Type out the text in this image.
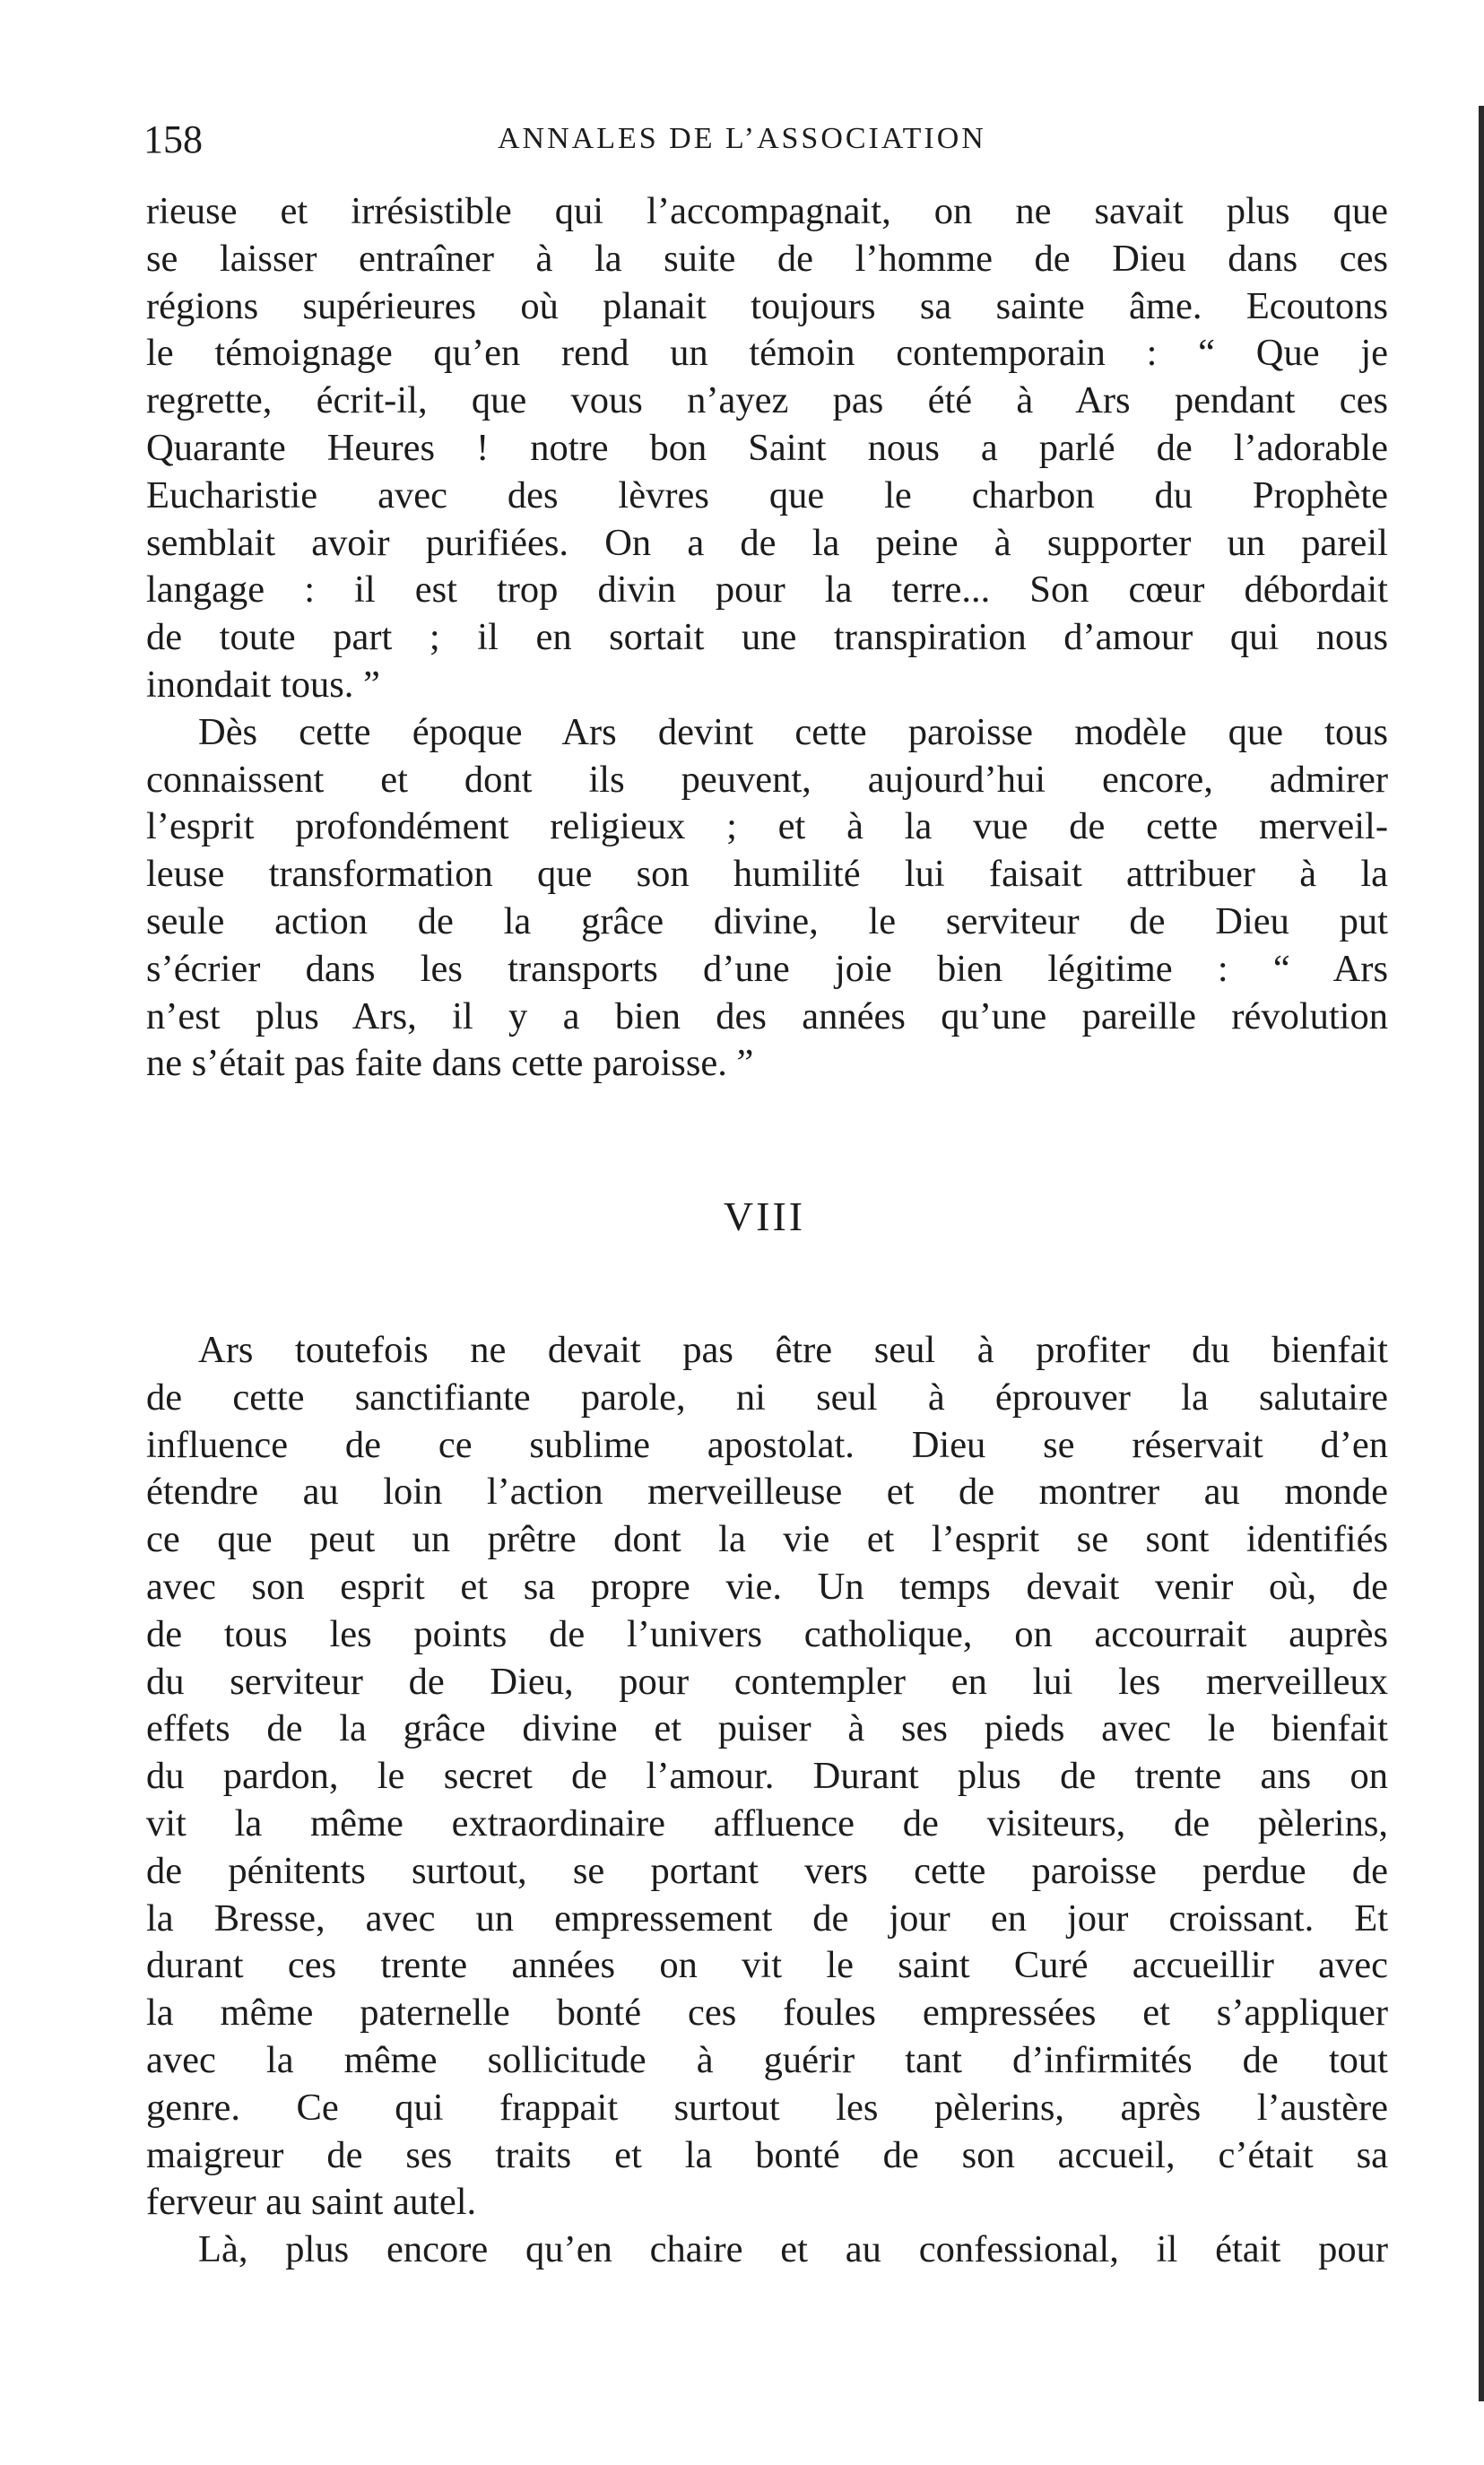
158	ANNALES DE L’ASSOCIATION
rieuse et irrésistible qui l’accompagnait, on ne savait plus que
se laisser entraîner à la suite de l’homme de Dieu dans ces
régions supérieures où planait toujours sa sainte âme. Ecoutons
le témoignage qu’en rend un témoin contemporain : “ Que je
regrette, écrit-il, que vous n’ayez pas été à Ars pendant ces
Quarante Heures ! notre bon Saint nous a parlé de l’adorable
Eucharistie avec des lèvres que le charbon du Prophète
semblait avoir purifiées. On a de la peine à supporter un pareil
langage : il est trop divin pour la terre... Son cœur débordait
de toute part ; il en sortait une transpiration d’amour qui nous
inondait tous. ”
Dès cette époque Ars devint cette paroisse modèle que tous
connaissent et dont ils peuvent, aujourd’hui encore, admirer
l’esprit profondément religieux ; et à la vue de cette merveil-
leuse transformation que son humilité lui faisait attribuer à la
seule action de la grâce divine, le serviteur de Dieu put
s’écrier dans les transports d’une joie bien légitime : “ Ars
n’est plus Ars, il y a bien des années qu’une pareille révolution
ne s’était pas faite dans cette paroisse. ”
VIII
Ars toutefois ne devait pas être seul à profiter du bienfait
de cette sanctifiante parole, ni seul à éprouver la salutaire
influence de ce sublime apostolat. Dieu se réservait d’en
étendre au loin l’action merveilleuse et de montrer au monde
ce que peut un prêtre dont la vie et l’esprit se sont identifiés
avec son esprit et sa propre vie. Un temps devait venir où, de
de tous les points de l’univers catholique, on accourrait auprès
du serviteur de Dieu, pour contempler en lui les merveilleux
effets de la grâce divine et puiser à ses pieds avec le bienfait
du pardon, le secret de l’amour. Durant plus de trente ans on
vit la même extraordinaire affluence de visiteurs, de pèlerins,
de pénitents surtout, se portant vers cette paroisse perdue de
la Bresse, avec un empressement de jour en jour croissant. Et
durant ces trente années on vit le saint Curé accueillir avec
la même paternelle bonté ces foules empressées et s’appliquer
avec la même sollicitude à guérir tant d’infirmités de tout
genre. Ce qui frappait surtout les pèlerins, après l’austère
maigreur de ses traits et la bonté de son accueil, c’était sa
ferveur au saint autel.
Là, plus encore qu’en chaire et au confessional, il était pour
